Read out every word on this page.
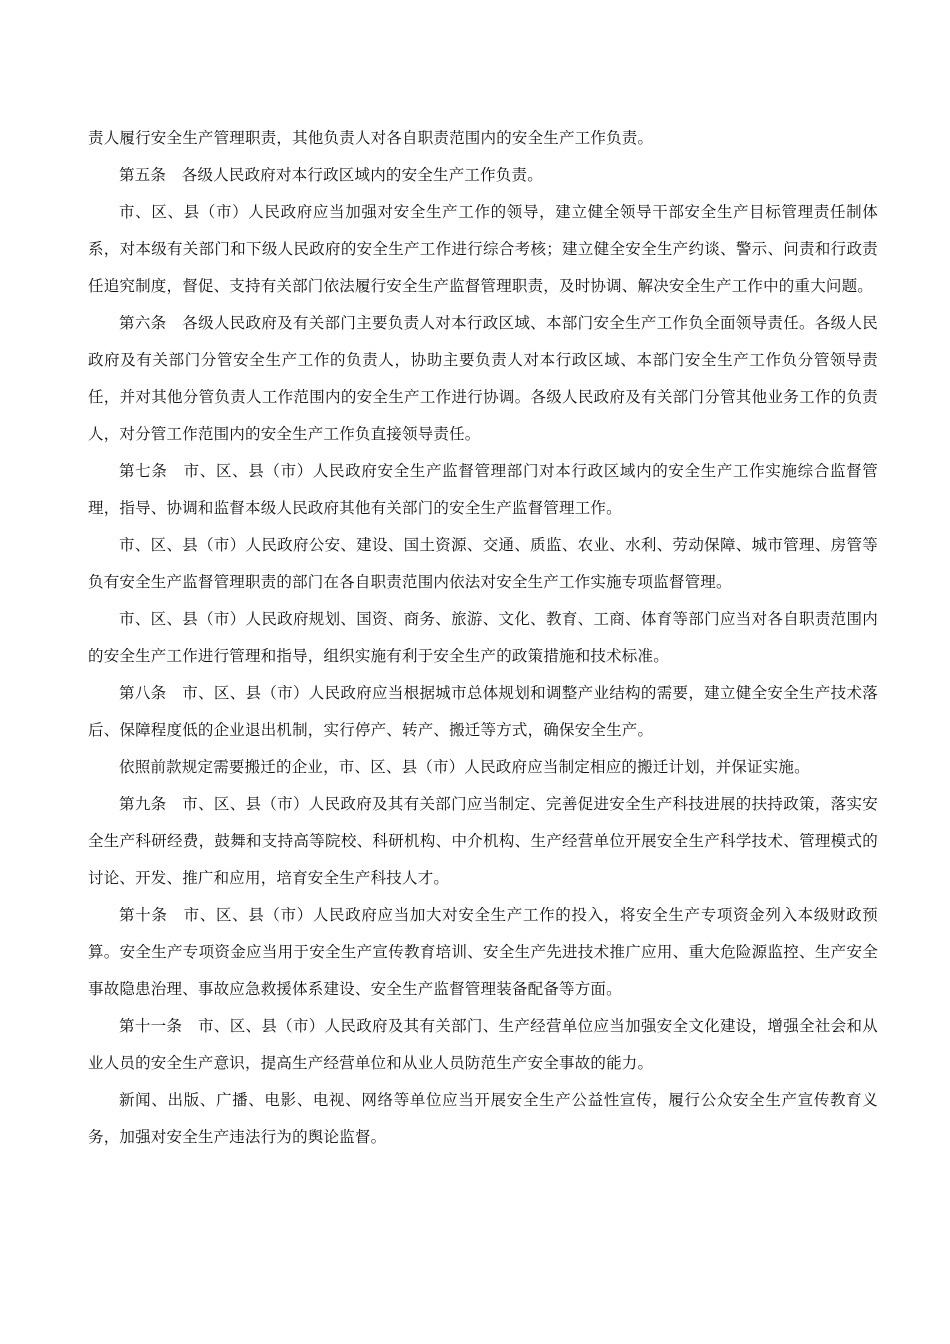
责人履行安全生产管理职责，其他负责人对各自职责范围内的安全生产工作负责。

第五条　各级人民政府对本行政区域内的安全生产工作负责。

市、区、县（市）人民政府应当加强对安全生产工作的领导，建立健全领导干部安全生产目标管理责任制体系，对本级有关部门和下级人民政府的安全生产工作进行综合考核；建立健全安全生产约谈、警示、问责和行政责任追究制度，督促、支持有关部门依法履行安全生产监督管理职责，及时协调、解决安全生产工作中的重大问题。

第六条　各级人民政府及有关部门主要负责人对本行政区域、本部门安全生产工作负全面领导责任。各级人民政府及有关部门分管安全生产工作的负责人，协助主要负责人对本行政区域、本部门安全生产工作负分管领导责任，并对其他分管负责人工作范围内的安全生产工作进行协调。各级人民政府及有关部门分管其他业务工作的负责人，对分管工作范围内的安全生产工作负直接领导责任。

第七条　市、区、县（市）人民政府安全生产监督管理部门对本行政区域内的安全生产工作实施综合监督管理，指导、协调和监督本级人民政府其他有关部门的安全生产监督管理工作。

市、区、县（市）人民政府公安、建设、国土资源、交通、质监、农业、水利、劳动保障、城市管理、房管等负有安全生产监督管理职责的部门在各自职责范围内依法对安全生产工作实施专项监督管理。

市、区、县（市）人民政府规划、国资、商务、旅游、文化、教育、工商、体育等部门应当对各自职责范围内的安全生产工作进行管理和指导，组织实施有利于安全生产的政策措施和技术标准。

第八条　市、区、县（市）人民政府应当根据城市总体规划和调整产业结构的需要，建立健全安全生产技术落后、保障程度低的企业退出机制，实行停产、转产、搬迁等方式，确保安全生产。

依照前款规定需要搬迁的企业，市、区、县（市）人民政府应当制定相应的搬迁计划，并保证实施。

第九条　市、区、县（市）人民政府及其有关部门应当制定、完善促进安全生产科技进展的扶持政策，落实安全生产科研经费，鼓舞和支持高等院校、科研机构、中介机构、生产经营单位开展安全生产科学技术、管理模式的讨论、开发、推广和应用，培育安全生产科技人才。

第十条　市、区、县（市）人民政府应当加大对安全生产工作的投入，将安全生产专项资金列入本级财政预算。安全生产专项资金应当用于安全生产宣传教育培训、安全生产先进技术推广应用、重大危险源监控、生产安全事故隐患治理、事故应急救援体系建设、安全生产监督管理装备配备等方面。

第十一条　市、区、县（市）人民政府及其有关部门、生产经营单位应当加强安全文化建设，增强全社会和从业人员的安全生产意识，提高生产经营单位和从业人员防范生产安全事故的能力。

新闻、出版、广播、电影、电视、网络等单位应当开展安全生产公益性宣传，履行公众安全生产宣传教育义务，加强对安全生产违法行为的舆论监督。
